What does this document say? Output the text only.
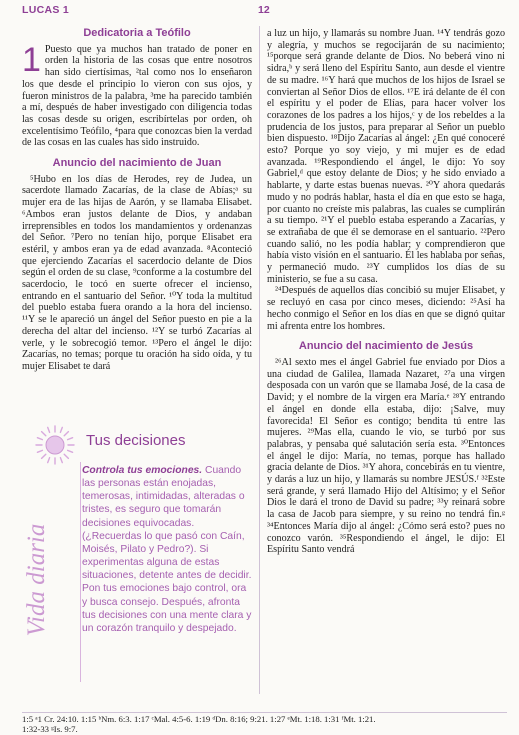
LUCAS 1	12
Dedicatoria a Teófilo

1 Puesto que ya muchos han tratado de poner en orden la historia de las cosas que entre nosotros han sido ciertísimas, ²tal como nos lo enseñaron los que desde el principio lo vieron con sus ojos, y fueron ministros de la palabra, ³me ha parecido también a mí, después de haber investigado con diligencia todas las cosas desde su origen, escribírtelas por orden, oh excelentísimo Teófilo, ⁴para que conozcas bien la verdad de las cosas en las cuales has sido instruido.

Anuncio del nacimiento de Juan

⁵Hubo en los días de Herodes, rey de Judea, un sacerdote llamado Zacarías, de la clase de Abías;ᵃ su mujer era de las hijas de Aarón, y se llamaba Elisabet. ⁶Ambos eran justos delante de Dios, y andaban irreprensibles en todos los mandamientos y ordenanzas del Señor. ⁷Pero no tenían hijo, porque Elisabet era estéril, y ambos eran ya de edad avanzada. ⁸Aconteció que ejerciendo Zacarías el sacerdocio delante de Dios según el orden de su clase, ⁹conforme a la costumbre del sacerdocio, le tocó en suerte ofrecer el incienso, entrando en el santuario del Señor. ¹⁰Y toda la multitud del pueblo estaba fuera orando a la hora del incienso. ¹¹Y se le apareció un ángel del Señor puesto en pie a la derecha del altar del incienso. ¹²Y se turbó Zacarías al verle, y le sobrecogió temor. ¹³Pero el ángel le dijo: Zacarías, no temas; porque tu oración ha sido oída, y tu mujer Elisabet te dará

Tus decisiones
Vida diaria
Controla tus emociones. Cuando las personas están enojadas, temerosas, intimidadas, alteradas o tristes, es seguro que tomarán decisiones equivocadas. (¿Recuerdas lo que pasó con Caín, Moisés, Pilato y Pedro?). Si experimentas alguna de estas situaciones, detente antes de decidir. Pon tus emociones bajo control, ora y busca consejo. Después, afronta tus decisiones con una mente clara y un corazón tranquilo y despejado.

a luz un hijo, y llamarás su nombre Juan. ¹⁴Y tendrás gozo y alegría, y muchos se regocijarán de su nacimiento; ¹⁵porque será grande delante de Dios. No beberá vino ni sidra,ᵇ y será lleno del Espíritu Santo, aun desde el vientre de su madre. ¹⁶Y hará que muchos de los hijos de Israel se conviertan al Señor Dios de ellos. ¹⁷E irá delante de él con el espíritu y el poder de Elías, para hacer volver los corazones de los padres a los hijos,ᶜ y de los rebeldes a la prudencia de los justos, para preparar al Señor un pueblo bien dispuesto. ¹⁸Dijo Zacarías al ángel: ¿En qué conoceré esto? Porque yo soy viejo, y mi mujer es de edad avanzada. ¹⁹Respondiendo el ángel, le dijo: Yo soy Gabriel,ᵈ que estoy delante de Dios; y he sido enviado a hablarte, y darte estas buenas nuevas. ²⁰Y ahora quedarás mudo y no podrás hablar, hasta el día en que esto se haga, por cuanto no creíste mis palabras, las cuales se cumplirán a su tiempo. ²¹Y el pueblo estaba esperando a Zacarías, y se extrañaba de que él se demorase en el santuario. ²²Pero cuando salió, no les podía hablar; y comprendieron que había visto visión en el santuario. Él les hablaba por señas, y permaneció mudo. ²³Y cumplidos los días de su ministerio, se fue a su casa.

²⁴Después de aquellos días concibió su mujer Elisabet, y se recluyó en casa por cinco meses, diciendo: ²⁵Así ha hecho conmigo el Señor en los días en que se dignó quitar mi afrenta entre los hombres.

Anuncio del nacimiento de Jesús

²⁶Al sexto mes el ángel Gabriel fue enviado por Dios a una ciudad de Galilea, llamada Nazaret, ²⁷a una virgen desposada con un varón que se llamaba José, de la casa de David; y el nombre de la virgen era María.ᵉ ²⁸Y entrando el ángel en donde ella estaba, dijo: ¡Salve, muy favorecida! El Señor es contigo; bendita tú entre las mujeres. ²⁹Mas ella, cuando le vio, se turbó por sus palabras, y pensaba qué salutación sería esta. ³⁰Entonces el ángel le dijo: María, no temas, porque has hallado gracia delante de Dios. ³¹Y ahora, concebirás en tu vientre, y darás a luz un hijo, y llamarás su nombre JESÚS.ᶠ ³²Este será grande, y será llamado Hijo del Altísimo; y el Señor Dios le dará el trono de David su padre; ³³y reinará sobre la casa de Jacob para siempre, y su reino no tendrá fin.ᵍ ³⁴Entonces María dijo al ángel: ¿Cómo será esto? pues no conozco varón. ³⁵Respondiendo el ángel, le dijo: El Espíritu Santo vendrá

1:5 ᵃ1 Cr. 24:10. 1:15 ᵇNm. 6:3. 1:17 ᶜMal. 4:5-6. 1:19 ᵈDn. 8:16; 9:21. 1:27 ᵉMt. 1:18. 1:31 ᶠMt. 1:21.
1:32-33 ᵍIs. 9:7.
